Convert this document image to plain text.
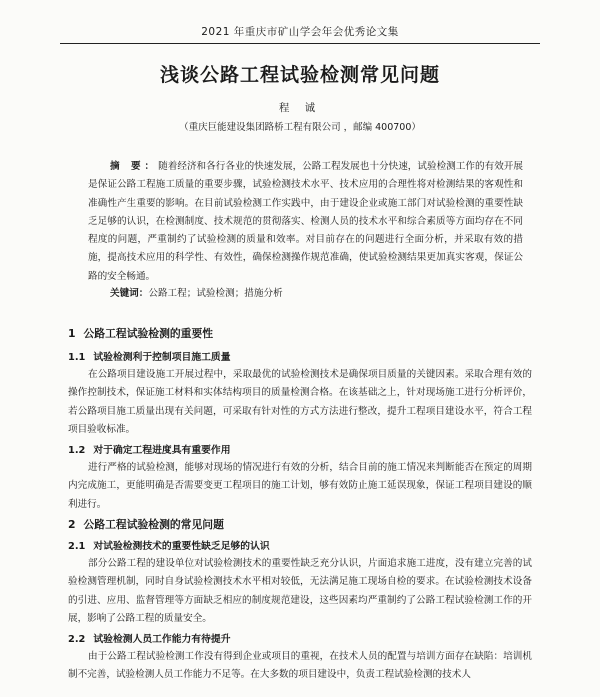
2021 年重庆市矿山学会年会优秀论文集
浅谈公路工程试验检测常见问题
程 诚
（重庆巨能建设集团路桥工程有限公司 ，邮编 400700）
摘 要：随着经济和各行各业的快速发展，公路工程发展也十分快速，试验检测工作的有效开展是保证公路工程施工质量的重要步骤，试验检测技术水平、技术应用的合理性将对检测结果的客观性和准确性产生重要的影响。在目前试验检测工作实践中，由于建设企业或施工部门对试验检测的重要性缺乏足够的认识，在检测制度、技术规范的贯彻落实、检测人员的技术水平和综合素质等方面均存在不同程度的问题，严重制约了试验检测的质量和效率。对目前存在的问题进行全面分析，并采取有效的措施，提高技术应用的科学性、有效性，确保检测操作规范准确，使试验检测结果更加真实客观，保证公路的安全畅通。
关键词：公路工程；试验检测；措施分析
1 公路工程试验检测的重要性
1.1 试验检测利于控制项目施工质量
在公路项目建设施工开展过程中，采取最优的试验检测技术是确保项目质量的关键因素。采取合理有效的操作控制技术，保证施工材料和实体结构项目的质量检测合格。在该基础之上，针对现场施工进行分析评价，若公路项目施工质量出现有关问题，可采取有针对性的方式方法进行整改，提升工程项目建设水平，符合工程项目验收标准。
1.2 对于确定工程进度具有重要作用
进行严格的试验检测，能够对现场的情况进行有效的分析，结合目前的施工情况来判断能否在预定的周期内完成施工，更能明确是否需要变更工程项目的施工计划，够有效防止施工延误现象，保证工程项目建设的顺利进行。
2 公路工程试验检测的常见问题
2.1 对试验检测技术的重要性缺乏足够的认识
部分公路工程的建设单位对试验检测技术的重要性缺乏充分认识，片面追求施工进度，没有建立完善的试验检测管理机制，同时自身试验检测技术水平相对较低，无法满足施工现场自检的要求。在试验检测技术设备的引进、应用、监督管理等方面缺乏相应的制度规范建设，这些因素均严重制约了公路工程试验检测工作的开展，影响了公路工程的质量安全。
2.2 试验检测人员工作能力有待提升
由于公路工程试验检测工作没有得到企业或项目的重视，在技术人员的配置与培训方面存在缺陷：培训机制不完善，试验检测人员工作能力不足等。在大多数的项目建设中，负责工程试验检测的技术人
